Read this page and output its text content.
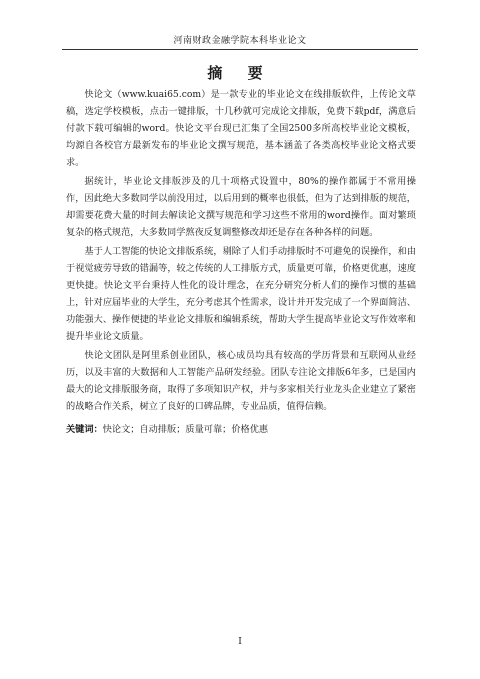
河南财政金融学院本科毕业论文
摘 要

快论文（www.kuai65.com）是一款专业的毕业论文在线排版软件，上传论文草稿，选定学校模板，点击一键排版，十几秒就可完成论文排版，免费下载pdf，满意后付款下载可编辑的word。快论文平台现已汇集了全国2500多所高校毕业论文模板，均源自各校官方最新发布的毕业论文撰写规范，基本涵盖了各类高校毕业论文格式要求。

据统计，毕业论文排版涉及的几十项格式设置中，80%的操作都属于不常用操作，因此绝大多数同学以前没用过，以后用到的概率也很低，但为了达到排版的规范，却需要花费大量的时间去解读论文撰写规范和学习这些不常用的word操作。面对繁琐复杂的格式规范，大多数同学熬夜反复调整修改却还是存在各种各样的问题。

基于人工智能的快论文排版系统，剔除了人们手动排版时不可避免的误操作，和由于视觉疲劳导致的错漏等，较之传统的人工排版方式，质量更可靠，价格更优惠，速度更快捷。快论文平台秉持人性化的设计理念，在充分研究分析人们的操作习惯的基础上，针对应届毕业的大学生，充分考虑其个性需求，设计并开发完成了一个界面简洁、功能强大、操作便捷的毕业论文排版和编辑系统，帮助大学生提高毕业论文写作效率和提升毕业论文质量。

快论文团队是阿里系创业团队，核心成员均具有较高的学历背景和互联网从业经历，以及丰富的大数据和人工智能产品研发经验。团队专注论文排版6年多，已是国内最大的论文排版服务商，取得了多项知识产权，并与多家相关行业龙头企业建立了紧密的战略合作关系，树立了良好的口碑品牌，专业品质，值得信赖。

关键词：快论文；自动排版；质量可靠；价格优惠
I
